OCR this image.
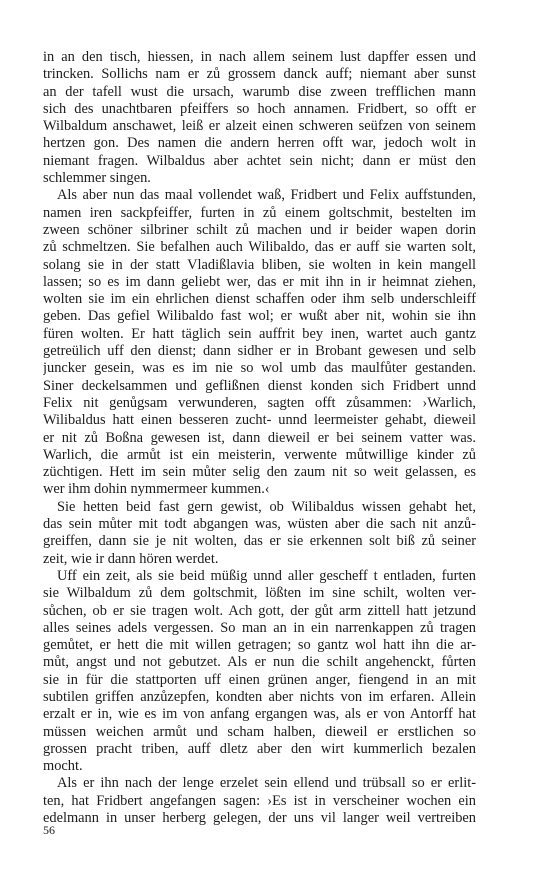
in an den tisch, hiessen, in nach allem seinem lust dapffer essen und
trincken. Sollichs nam er zů grossem danck auff; niemant aber sunst
an der tafell wust die ursach, warumb dise zween trefflichen mann
sich des unachtbaren pfeiffers so hoch annamen. Fridbert, so offt er
Wilbaldum anschawet, leiß er alzeit einen schweren seüfzen von seinem
hertzen gon. Des namen die andern herren offt war, jedoch wolt in
niemant fragen. Wilbaldus aber achtet sein nicht; dann er müst den
schlemmer singen.
Als aber nun das maal vollendet waß, Fridbert und Felix auffstunden,
namen iren sackpfeiffer, furten in zů einem goltschmit, bestelten im
zween schöner silbriner schilt zů machen und ir beider wapen dorin
zů schmeltzen. Sie befalhen auch Wilibaldo, das er auff sie warten solt,
solang sie in der statt Vladißlavia bliben, sie wolten in kein mangell
lassen; so es im dann geliebt wer, das er mit ihn in ir heimnat ziehen,
wolten sie im ein ehrlichen dienst schaffen oder ihm selb underschleiff
geben. Das gefiel Wilibaldo fast wol; er wußt aber nit, wohin sie ihn
füren wolten. Er hatt täglich sein auffrit bey inen, wartet auch gantz
getreülich uff den dienst; dann sidher er in Brobant gewesen und selb
juncker gesein, was es im nie so wol umb das maulfůter gestanden.
Siner deckelsammen und geflißnen dienst konden sich Fridbert unnd
Felix nit genůgsam verwunderen, sagten offt zůsammen: ›Warlich,
Wilibaldus hatt einen besseren zucht- unnd leermeister gehabt, dieweil
er nit zů Boßna gewesen ist, dann dieweil er bei seinem vatter was.
Warlich, die armůt ist ein meisterin, verwente můtwillige kinder zů
züchtigen. Hett im sein můter selig den zaum nit so weit gelassen, es
wer ihm dohin nymmermeer kummen.‹
Sie hetten beid fast gern gewist, ob Wilibaldus wissen gehabt het,
das sein můter mit todt abgangen was, wüsten aber die sach nit anzů-
greiffen, dann sie je nit wolten, das er sie erkennen solt biß zů seiner
zeit, wie ir dann hören werdet.
Uff ein zeit, als sie beid müßig unnd aller gescheff t entladen, furten
sie Wilbaldum zů dem goltschmit, lößten im sine schilt, wolten ver-
sůchen, ob er sie tragen wolt. Ach gott, der gůt arm zittell hatt jetzund
alles seines adels vergessen. So man an in ein narrenkappen zů tragen
gemůtet, er hett die mit willen getragen; so gantz wol hatt ihn die ar-
můt, angst und not gebutzet. Als er nun die schilt angehenckt, fůrten
sie in für die stattporten uff einen grünen anger, fiengend in an mit
subtilen griffen anzůzepfen, kondten aber nichts von im erfaren. Allein
erzalt er in, wie es im von anfang ergangen was, als er von Antorff hat
müssen weichen armůt und scham halben, dieweil er erstlichen so
grossen pracht triben, auff dletz aber den wirt kummerlich bezalen
mocht.
Als er ihn nach der lenge erzelet sein ellend und trübsall so er erlit-
ten, hat Fridbert angefangen sagen: ›Es ist in verscheiner wochen ein
edelmann in unser herberg gelegen, der uns vil langer weil vertreiben
56
